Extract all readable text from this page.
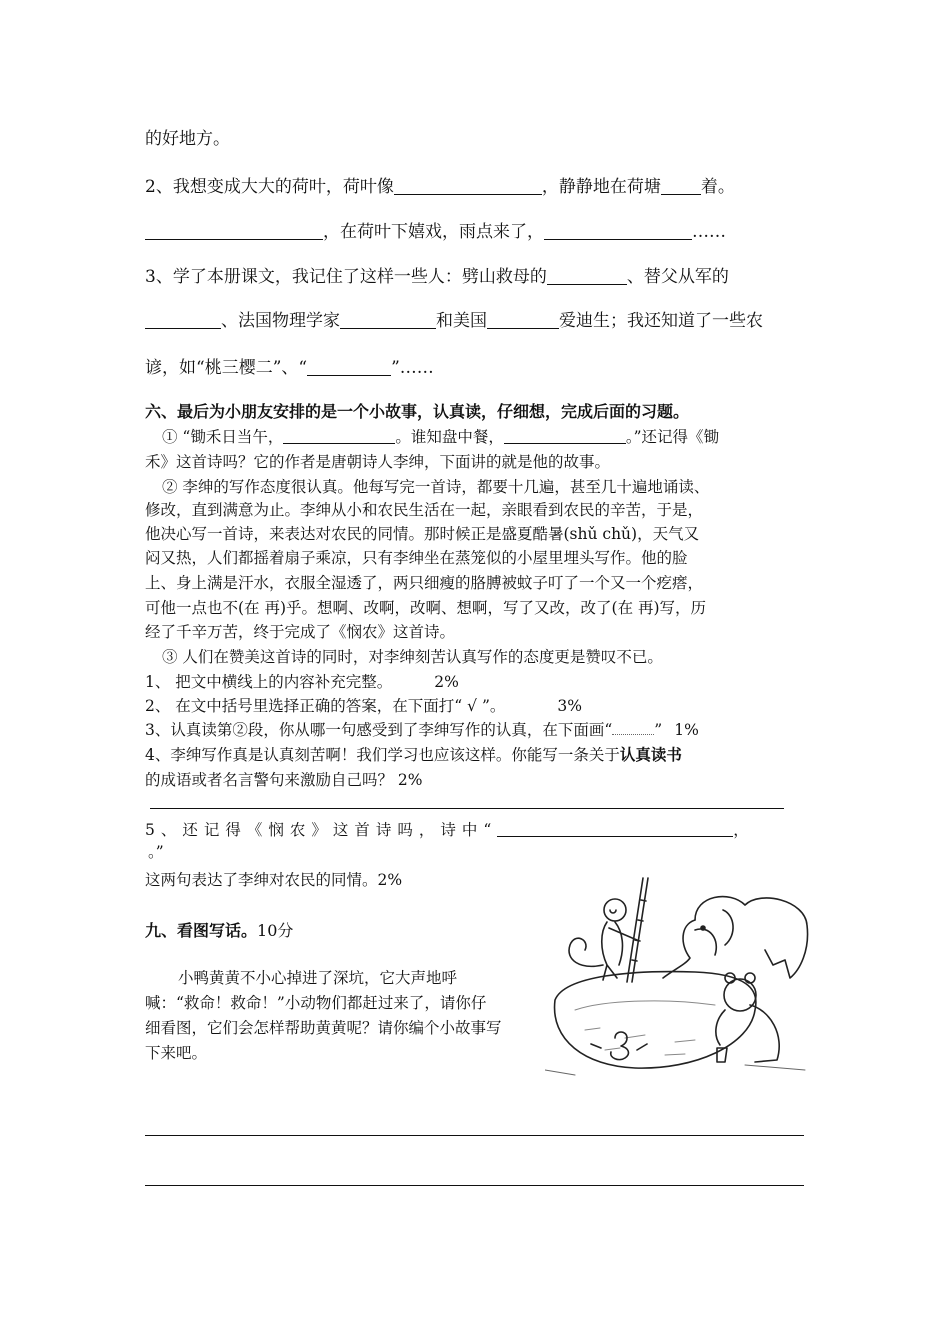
的好地方。
2、我想变成大大的荷叶，荷叶像	，静静地在荷塘 着。
，在荷叶下嬉戏，雨点来了，	……
3、学了本册课文，我记住了这样一些人：劈山救母的	、替父从军的
、法国物理学家	和美国	爱迪生；我还知道了一些农
谚，如“桃三樱二”、“	”……
六、最后为小朋友安排的是一个小故事，认真读，仔细想，完成后面的习题。
① “锄禾日当午，	。谁知盘中餐，	。”还记得《锄
禾》这首诗吗？它的作者是唐朝诗人李绅，下面讲的就是他的故事。
② 李绅的写作态度很认真。他每写完一首诗，都要十几遍，甚至几十遍地诵读、
修改，直到满意为止。李绅从小和农民生活在一起，亲眼看到农民的辛苦，于是，
他决心写一首诗，来表达对农民的同情。那时候正是盛夏酷暑(shǔ chǔ)，天气又
闷又热，人们都摇着扇子乘凉，只有李绅坐在蒸笼似的小屋里埋头写作。他的脸
上、身上满是汗水，衣服全湿透了，两只细瘦的胳膊被蚊子叮了一个又一个疙瘩，
可他一点也不(在 再)乎。想啊、改啊，改啊、想啊，写了又改，改了(在 再)写，历
经了千辛万苦，终于完成了《悯农》这首诗。
③ 人们在赞美这首诗的同时，对李绅刻苦认真写作的态度更是赞叹不已。
1、 把文中横线上的内容补充完整。	2%
2、 在文中括号里选择正确的答案，在下面打“ √ ”。	3%
3、认真读第②段，你从哪一句感受到了李绅写作的认真，在下面画“	” 1%
4、李绅写作真是认真刻苦啊！我们学习也应该这样。你能写一条关于认真读书
的成语或者名言警句来激励自己吗？ 2%
5、还记得《悯农》这首诗吗，诗中“	，
。”
这两句表达了李绅对农民的同情。2%
九、看图写话。10分
小鸭黄黄不小心掉进了深坑，它大声地呼
喊：“救命！救命！”小动物们都赶过来了，请你仔
细看图，它们会怎样帮助黄黄呢？请你编个小故事写
下来吧。
